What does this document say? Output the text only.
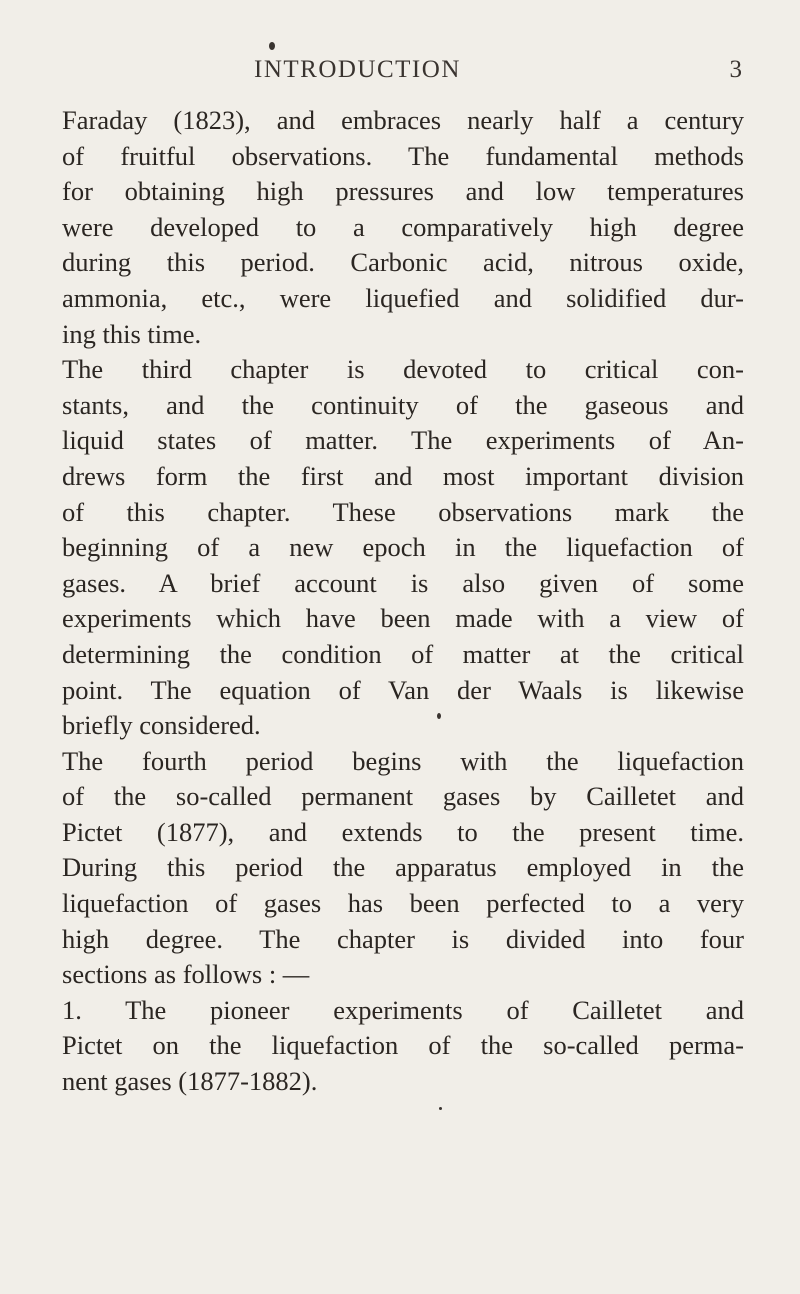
INTRODUCTION	3
Faraday (1823), and embraces nearly half a century
of fruitful observations. The fundamental methods
for obtaining high pressures and low temperatures
were developed to a comparatively high degree
during this period. Carbonic acid, nitrous oxide,
ammonia, etc., were liquefied and solidified dur-
ing this time.
The third chapter is devoted to critical con-
stants, and the continuity of the gaseous and
liquid states of matter. The experiments of An-
drews form the first and most important division
of this chapter. These observations mark the
beginning of a new epoch in the liquefaction of
gases. A brief account is also given of some
experiments which have been made with a view of
determining the condition of matter at the critical
point. The equation of Van der Waals is likewise
briefly considered.
The fourth period begins with the liquefaction
of the so-called permanent gases by Cailletet and
Pictet (1877), and extends to the present time.
During this period the apparatus employed in the
liquefaction of gases has been perfected to a very
high degree. The chapter is divided into four
sections as follows : —
1. The pioneer experiments of Cailletet and
Pictet on the liquefaction of the so-called perma-
nent gases (1877-1882).
